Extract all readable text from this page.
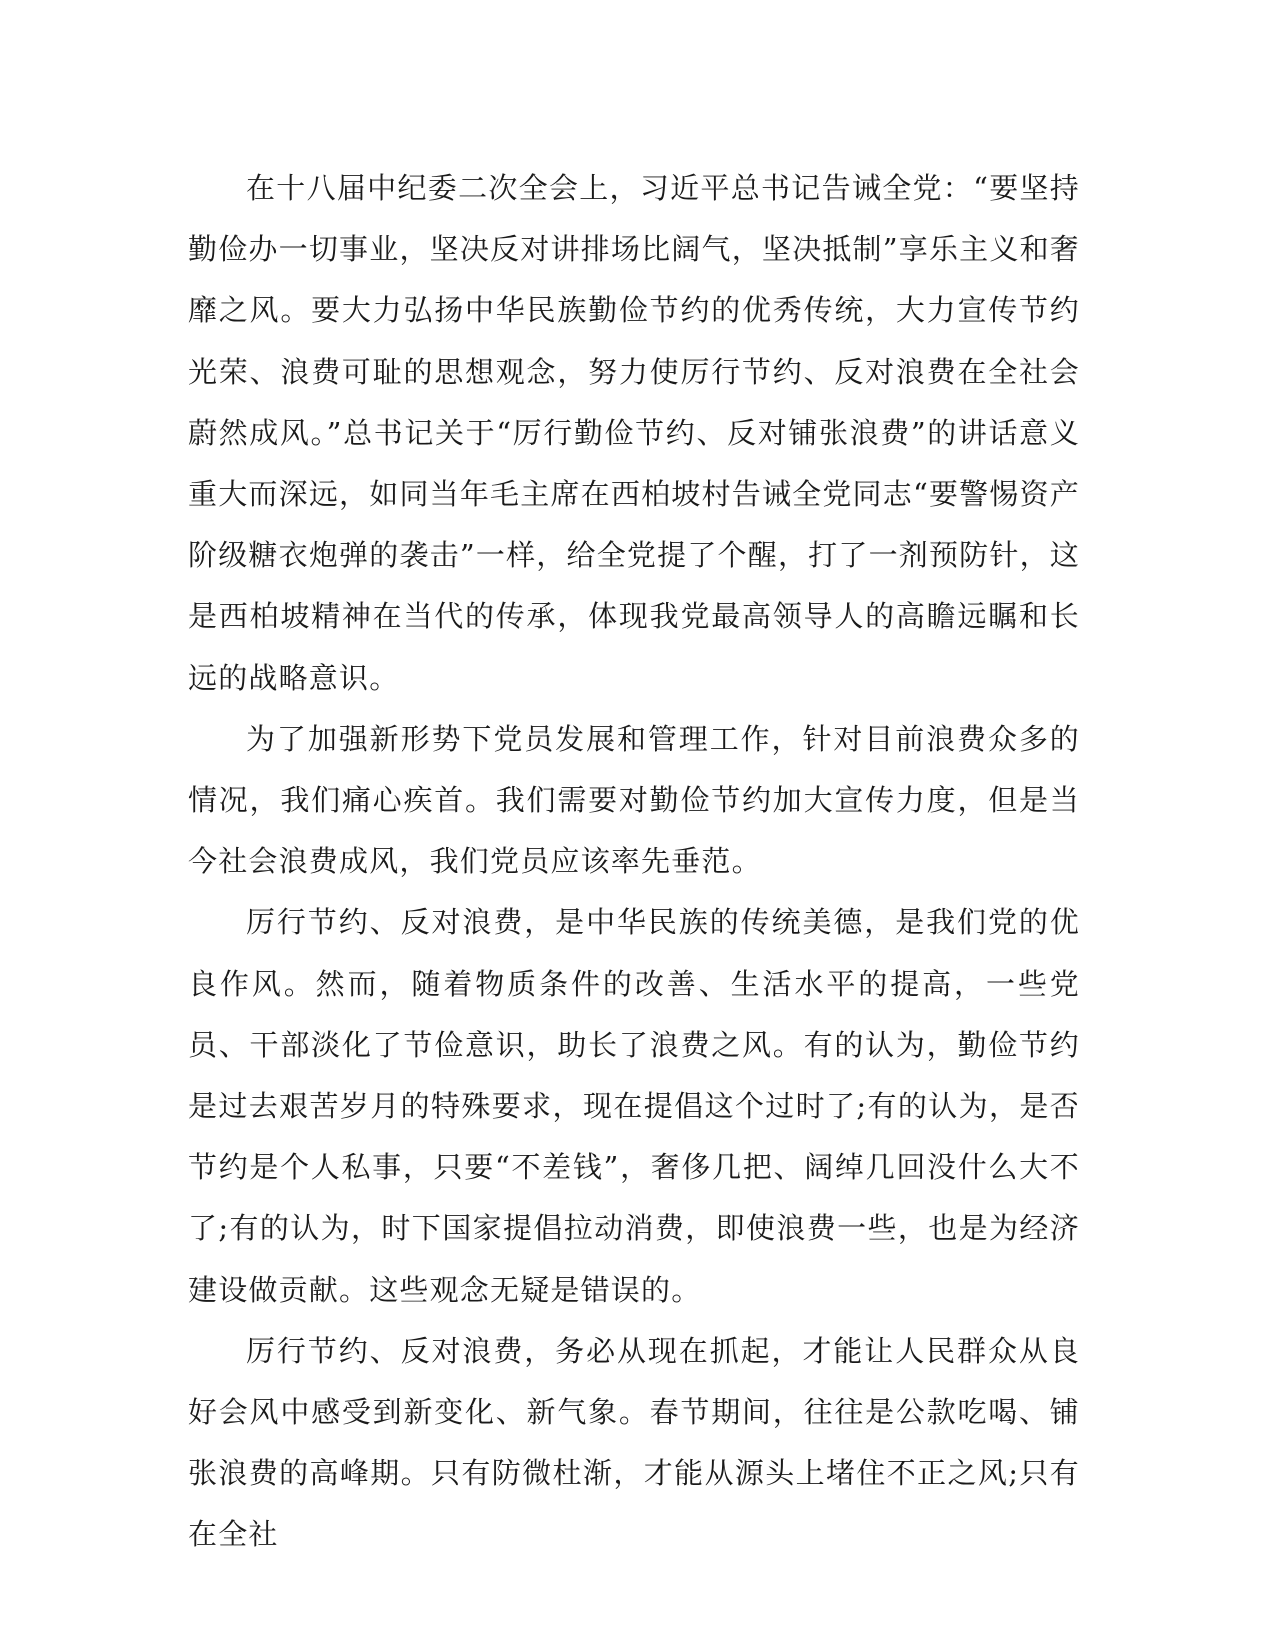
在十八届中纪委二次全会上，习近平总书记告诫全党：“要坚持勤俭办一切事业，坚决反对讲排场比阔气，坚决抵制”享乐主义和奢靡之风。要大力弘扬中华民族勤俭节约的优秀传统，大力宣传节约光荣、浪费可耻的思想观念，努力使厉行节约、反对浪费在全社会蔚然成风。”总书记关于“厉行勤俭节约、反对铺张浪费”的讲话意义重大而深远，如同当年毛主席在西柏坡村告诫全党同志“要警惕资产阶级糖衣炮弹的袭击”一样，给全党提了个醒，打了一剂预防针，这是西柏坡精神在当代的传承，体现我党最高领导人的高瞻远瞩和长远的战略意识。

为了加强新形势下党员发展和管理工作，针对目前浪费众多的情况，我们痛心疾首。我们需要对勤俭节约加大宣传力度，但是当今社会浪费成风，我们党员应该率先垂范。

厉行节约、反对浪费，是中华民族的传统美德，是我们党的优良作风。然而，随着物质条件的改善、生活水平的提高，一些党员、干部淡化了节俭意识，助长了浪费之风。有的认为，勤俭节约是过去艰苦岁月的特殊要求，现在提倡这个过时了;有的认为，是否节约是个人私事，只要“不差钱”，奢侈几把、阔绰几回没什么大不了;有的认为，时下国家提倡拉动消费，即使浪费一些，也是为经济建设做贡献。这些观念无疑是错误的。

厉行节约、反对浪费，务必从现在抓起，才能让人民群众从良好会风中感受到新变化、新气象。春节期间，往往是公款吃喝、铺张浪费的高峰期。只有防微杜渐，才能从源头上堵住不正之风;只有在全社
